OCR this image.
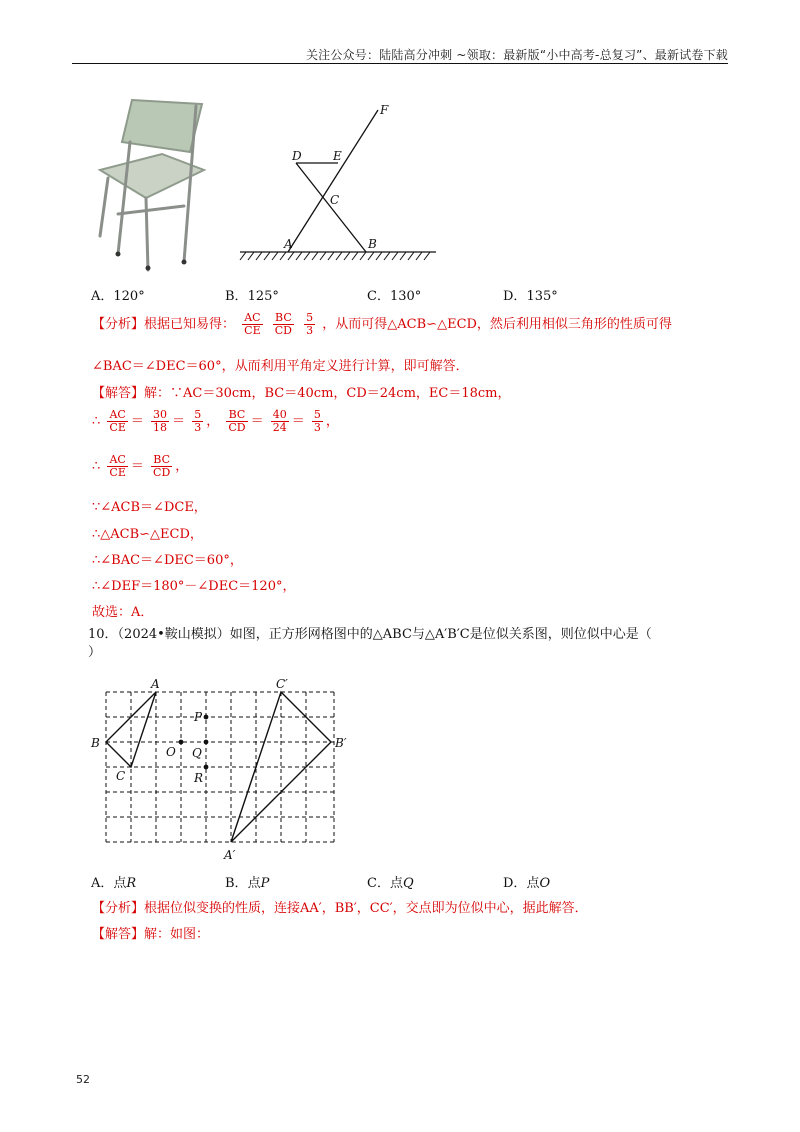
关注公众号：陆陆高分冲刺 ~领取：最新版“小中高考-总复习”、最新试卷下载
F
D	E
C
A	B
A．120°	B．125°	C．130°	D．135°
【分析】根据已知易得： $\frac{AC}{CE}$
$\frac{BC}{CD}$
$\frac{5}{3}$ ，从而可得△ACB∽△ECD，然后利用相似三角形的性质可得
∠BAC＝∠DEC＝60°，从而利用平角定义进行计算，即可解答．
【解答】解：∵AC＝30cm，BC＝40cm，CD＝24cm，EC＝18cm，
∴ $\frac{AC}{CE} = \frac{30}{18} = \frac{5}{3}$ ， $\frac{BC}{CD} = \frac{40}{24} = \frac{5}{3}$ ，
∴ $\frac{AC}{CE} = \frac{BC}{CD}$ ，
∵∠ACB＝∠DCE，
∴△ACB∽△ECD，
∴∠BAC＝∠DEC＝60°，
∴∠DEF＝180°－∠DEC＝120°，
故选：A．
10．（2024•鞍山模拟）如图，正方形网格图中的△ABC与△A′B′C是位似关系图，则位似中心是（
）
A
B
C
P
O Q
R
C′
B′
A′
A．点R	B．点P	C．点Q	D．点O
【分析】根据位似变换的性质，连接AA′，BB′，CC′，交点即为位似中心，据此解答．
【解答】解：如图：
52
